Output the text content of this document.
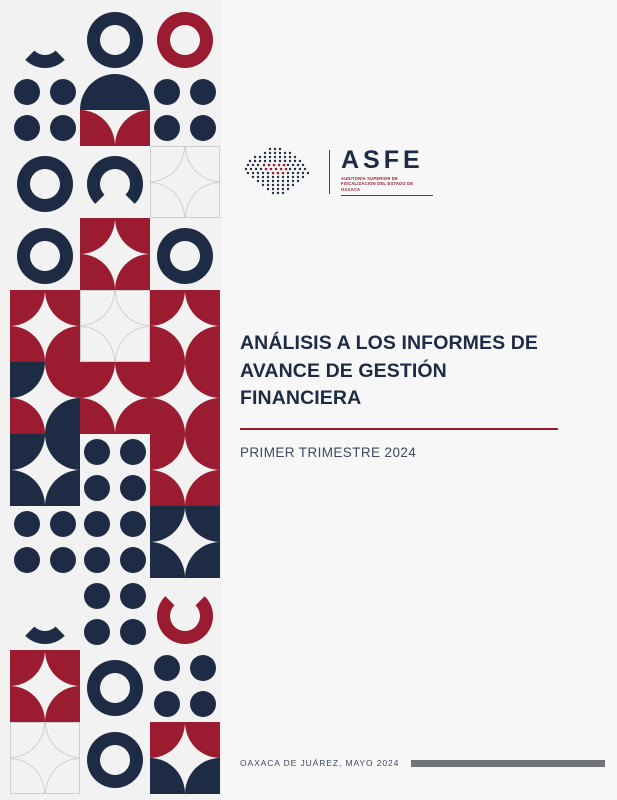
ASFE
AUDITORÍA SUPERIOR DE FISCALIZACIÓN DEL ESTADO DE OAXACA
ANÁLISIS A LOS INFORMES DE AVANCE DE GESTIÓN FINANCIERA
PRIMER TRIMESTRE 2024
OAXACA DE JUÁREZ, MAYO 2024
